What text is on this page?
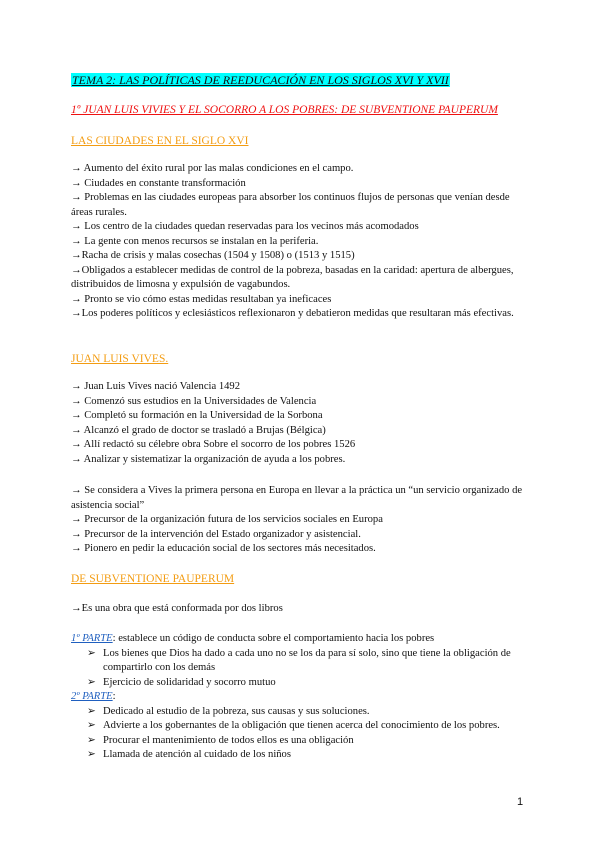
TEMA 2: LAS POLÍTICAS DE REEDUCACIÓN EN LOS SIGLOS XVI Y XVII
1º JUAN LUIS VIVIES Y EL SOCORRO A LOS POBRES: DE SUBVENTIONE PAUPERUM
LAS CIUDADES EN EL SIGLO XVI
→ Aumento del éxito rural por las malas condiciones en el campo.
→ Ciudades en constante transformación
→ Problemas en las ciudades europeas para absorber los continuos flujos de personas que venían desde áreas rurales.
→ Los centro de la ciudades quedan reservadas para los vecinos más acomodados
→ La gente con menos recursos se instalan en la periferia.
→Racha de crisis y malas cosechas (1504 y 1508) o (1513 y 1515)
→Obligados a establecer medidas de control de la pobreza, basadas en la caridad: apertura de albergues, distribuidos de limosna y expulsión de vagabundos.
→ Pronto se vio cómo estas medidas resultaban ya ineficaces
→Los poderes políticos y eclesiásticos reflexionaron y debatieron medidas que resultaran más efectivas.
JUAN LUIS VIVES.
→ Juan Luis Vives nació Valencia 1492
→ Comenzó sus estudios en la Universidades de Valencia
→ Completó su formación en la Universidad de la Sorbona
→ Alcanzó el grado de doctor se trasladó a Brujas (Bélgica)
→ Allí redactó su célebre obra Sobre el socorro de los pobres 1526
→ Analizar y sistematizar la organización de ayuda a los pobres.
→ Se considera a Vives la primera persona en Europa en llevar a la práctica un “un servicio organizado de asistencia social”
→ Precursor de la organización futura de los servicios sociales en Europa
→ Precursor de la intervención del Estado organizador y asistencial.
→ Pionero en pedir la educación social de los sectores más necesitados.
DE SUBVENTIONE PAUPERUM
→Es una obra que está conformada por dos libros
1º PARTE: establece un código de conducta sobre el comportamiento hacia los pobres
➢ Los bienes que Dios ha dado a cada uno no se los da para sí solo, sino que tiene la obligación de compartirlo con los demás
➢ Ejercicio de solidaridad y socorro mutuo
2º PARTE:
➢ Dedicado al estudio de la pobreza, sus causas y sus soluciones.
➢ Advierte a los gobernantes de la obligación que tienen acerca del conocimiento de los pobres.
➢ Procurar el mantenimiento de todos ellos es una obligación
➢ Llamada de atención al cuidado de los niños
1
